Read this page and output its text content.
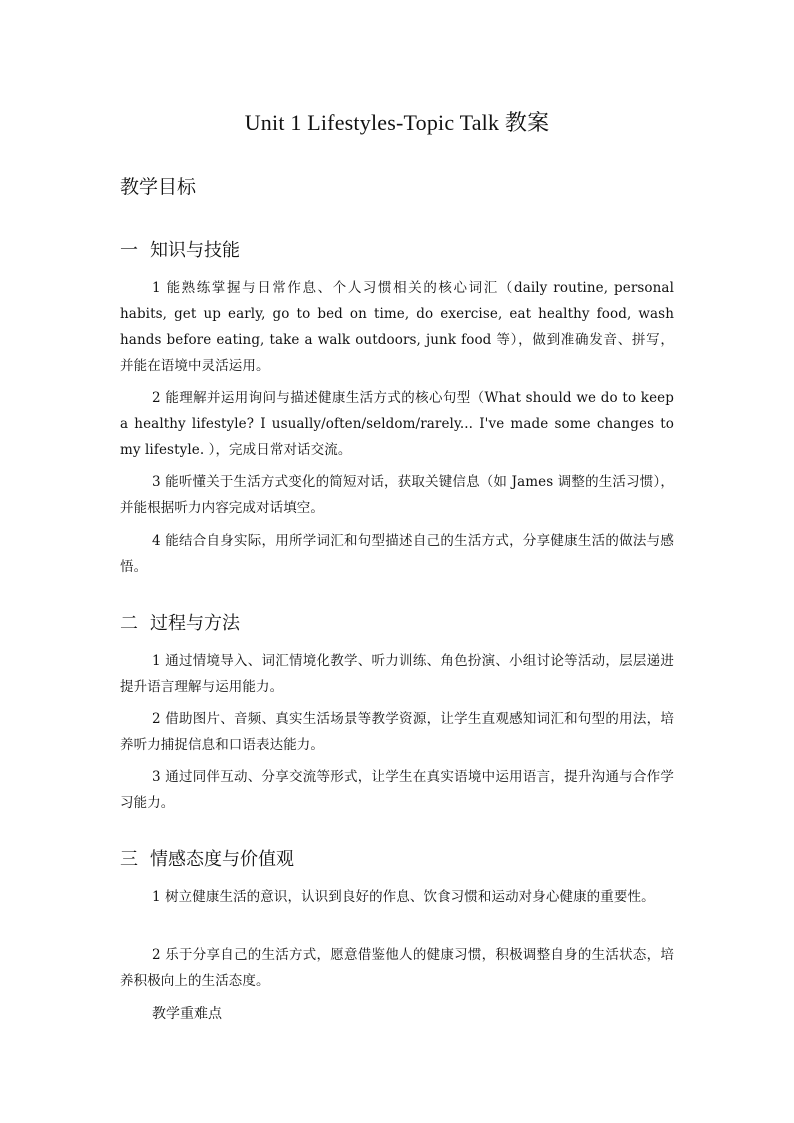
Unit 1 Lifestyles-Topic Talk 教案
教学目标
一 知识与技能
1 能熟练掌握与日常作息、个人习惯相关的核心词汇（daily routine, personal habits, get up early, go to bed on time, do exercise, eat healthy food, wash hands before eating, take a walk outdoors, junk food 等），做到准确发音、拼写，并能在语境中灵活运用。
2 能理解并运用询问与描述健康生活方式的核心句型（What should we do to keep a healthy lifestyle? I usually/often/seldom/rarely... I've made some changes to my lifestyle. ），完成日常对话交流。
3 能听懂关于生活方式变化的简短对话，获取关键信息（如 James 调整的生活习惯），并能根据听力内容完成对话填空。
4 能结合自身实际，用所学词汇和句型描述自己的生活方式，分享健康生活的做法与感悟。
二 过程与方法
1 通过情境导入、词汇情境化教学、听力训练、角色扮演、小组讨论等活动，层层递进提升语言理解与运用能力。
2 借助图片、音频、真实生活场景等教学资源，让学生直观感知词汇和句型的用法，培养听力捕捉信息和口语表达能力。
3 通过同伴互动、分享交流等形式，让学生在真实语境中运用语言，提升沟通与合作学习能力。
三 情感态度与价值观
1 树立健康生活的意识，认识到良好的作息、饮食习惯和运动对身心健康的重要性。
2 乐于分享自己的生活方式，愿意借鉴他人的健康习惯，积极调整自身的生活状态，培养积极向上的生活态度。
教学重难点
